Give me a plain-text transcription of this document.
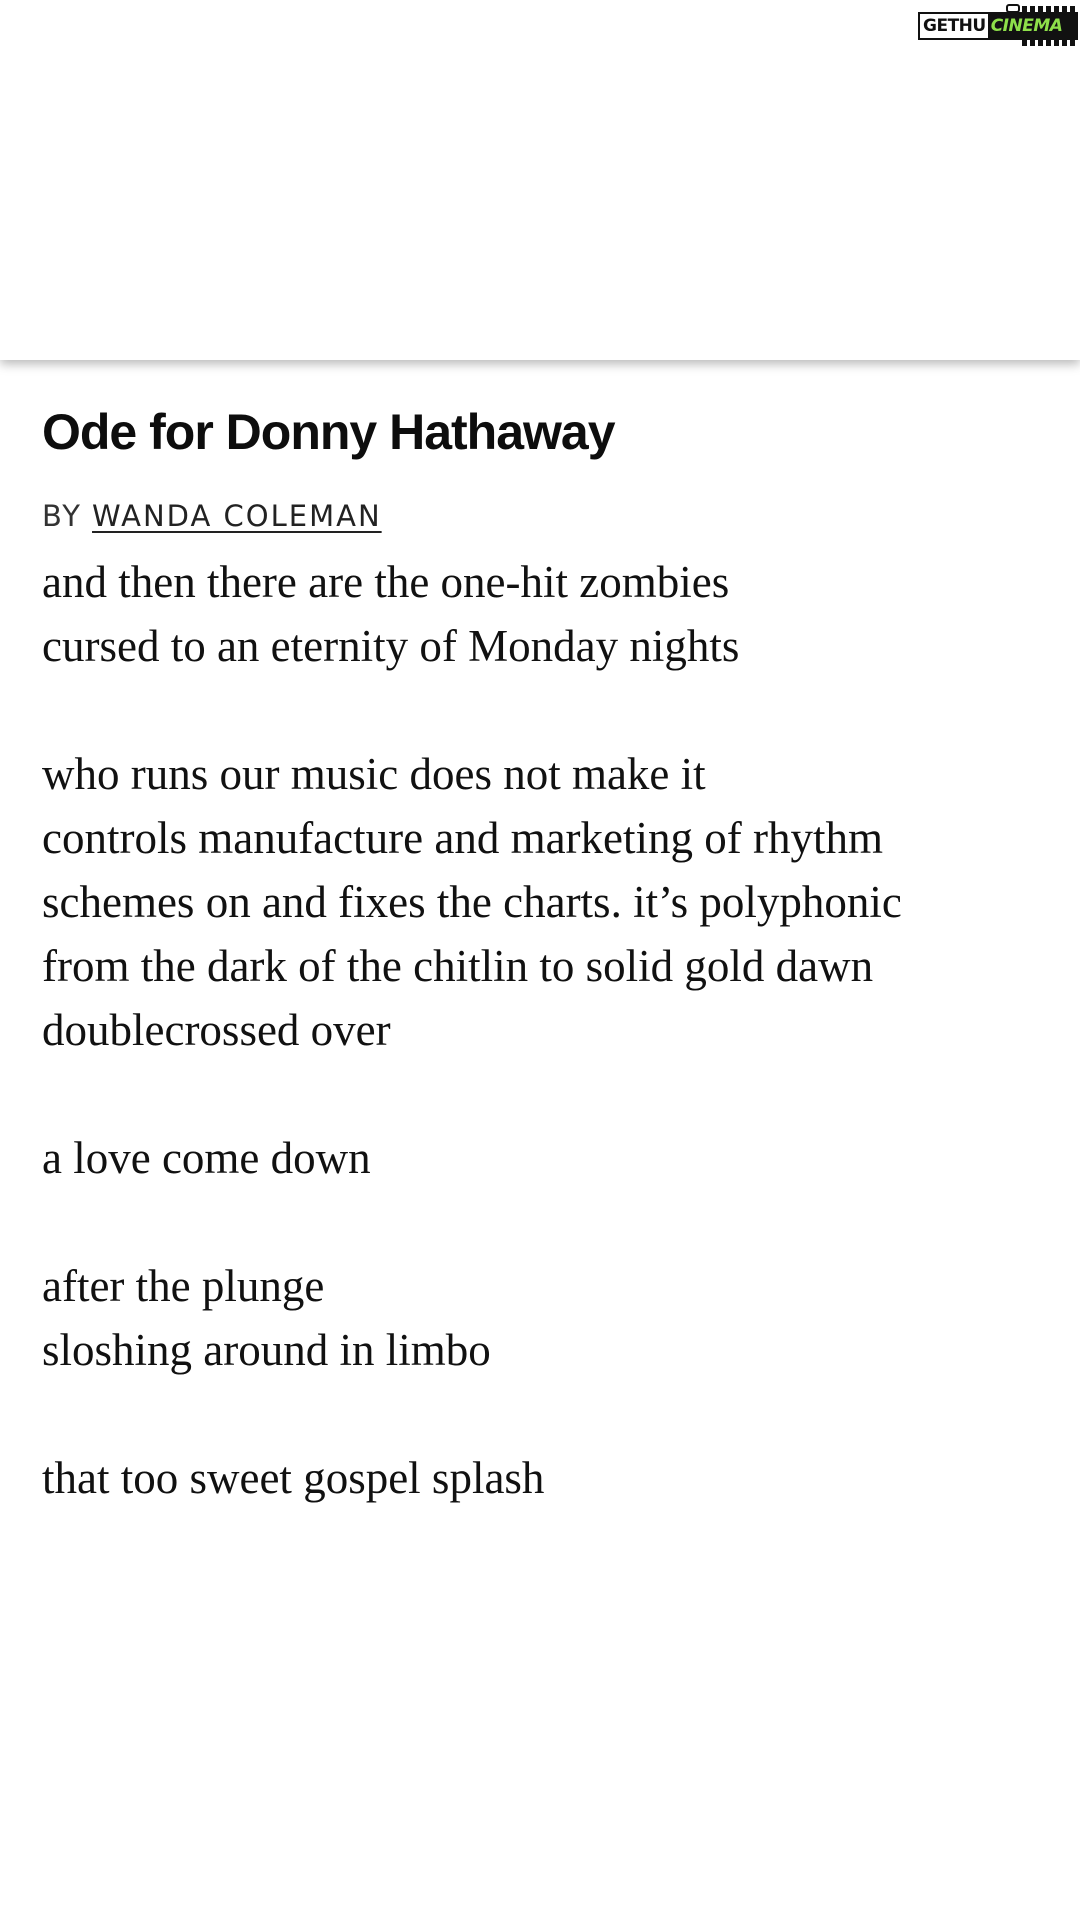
GETHU CINEMA
Ode for Donny Hathaway
BY WANDA COLEMAN
and then there are the one-hit zombies
cursed to an eternity of Monday nights
who runs our music does not make it
controls manufacture and marketing of rhythm
schemes on and fixes the charts. it’s polyphonic
from the dark of the chitlin to solid gold dawn
doublecrossed over
a love come down
after the plunge
sloshing around in limbo
that too sweet gospel splash
